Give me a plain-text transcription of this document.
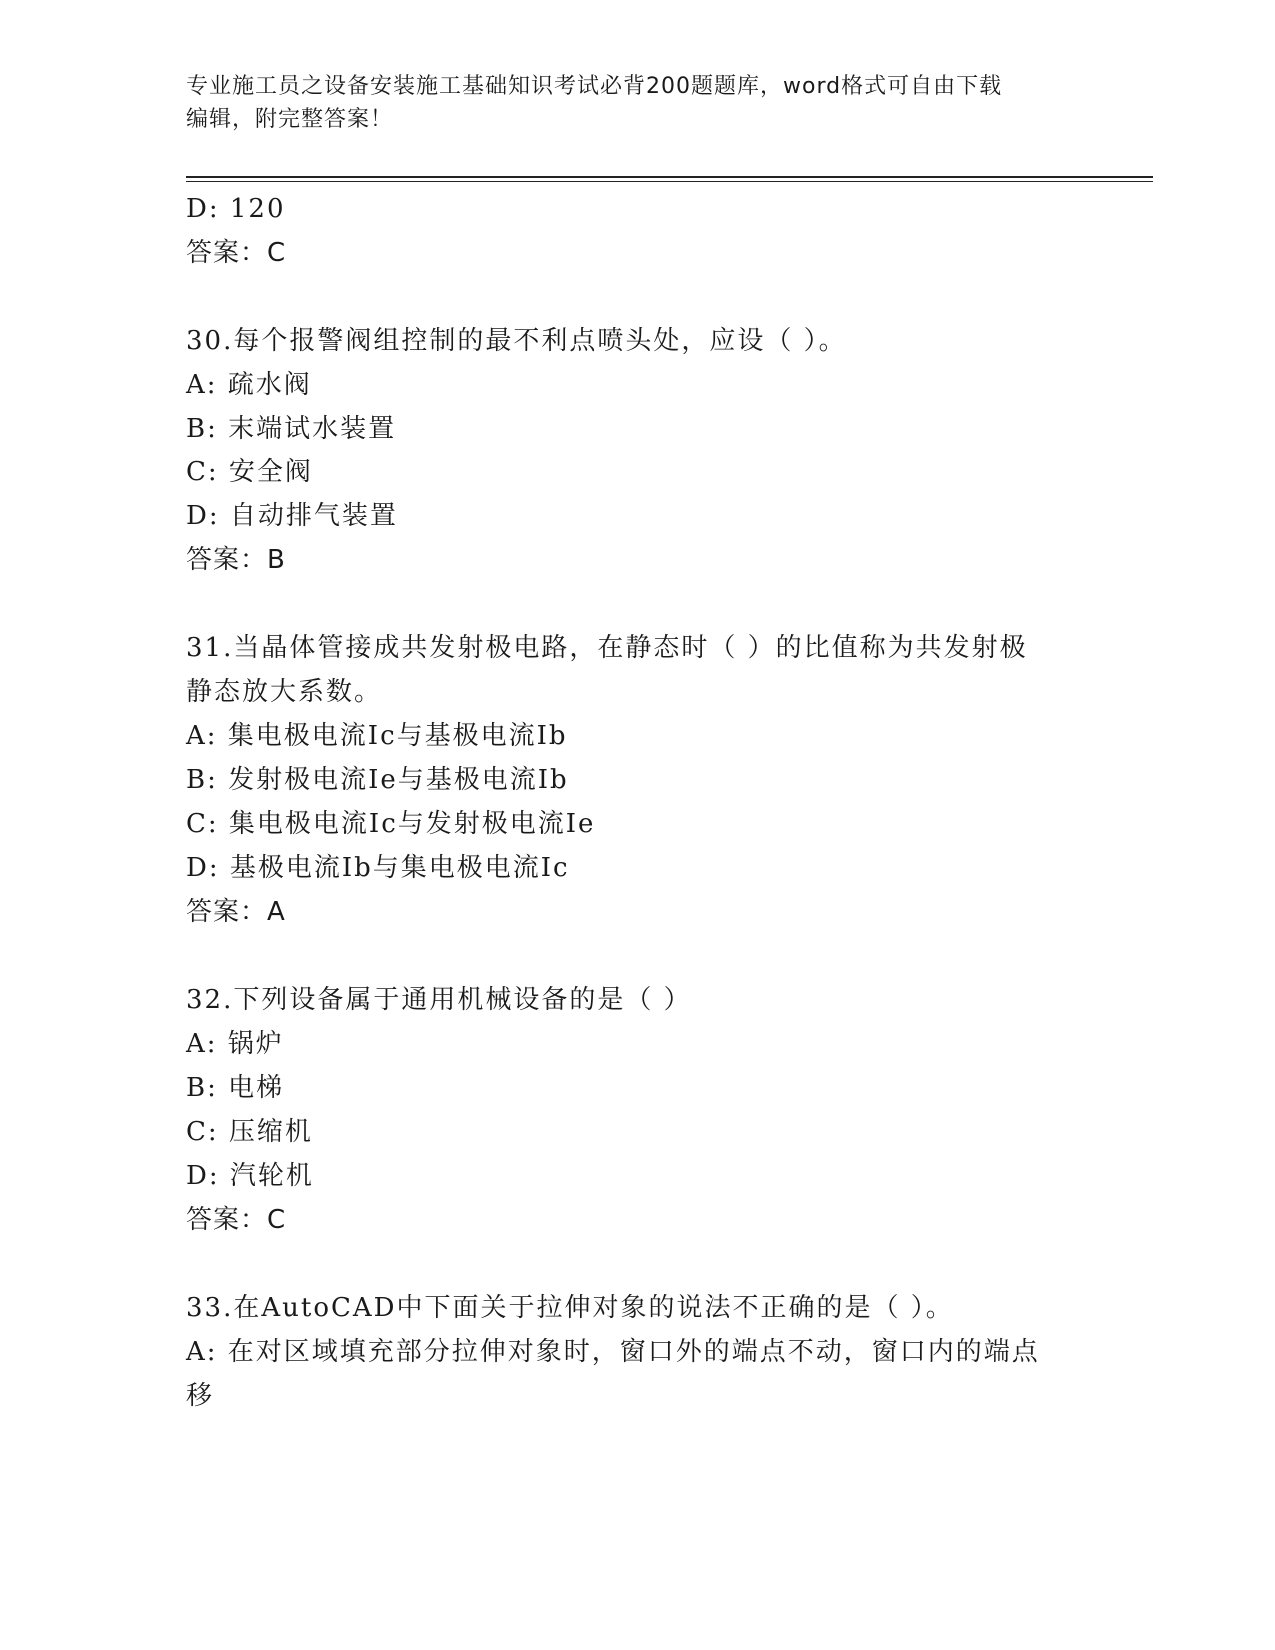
专业施工员之设备安装施工基础知识考试必背200题题库，word格式可自由下载
编辑，附完整答案！
D: 120
答案：C
30.每个报警阀组控制的最不利点喷头处，应设（ ）。
A: 疏水阀
B: 末端试水装置
C: 安全阀
D: 自动排气装置
答案：B
31.当晶体管接成共发射极电路，在静态时（ ）的比值称为共发射极
静态放大系数。
A: 集电极电流Ic与基极电流Ib
B: 发射极电流Ie与基极电流Ib
C: 集电极电流Ic与发射极电流Ie
D: 基极电流Ib与集电极电流Ic
答案：A
32.下列设备属于通用机械设备的是（ ）
A: 锅炉
B: 电梯
C: 压缩机
D: 汽轮机
答案：C
33.在AutoCAD中下面关于拉伸对象的说法不正确的是（ ）。
A: 在对区域填充部分拉伸对象时，窗口外的端点不动，窗口内的端点
移
